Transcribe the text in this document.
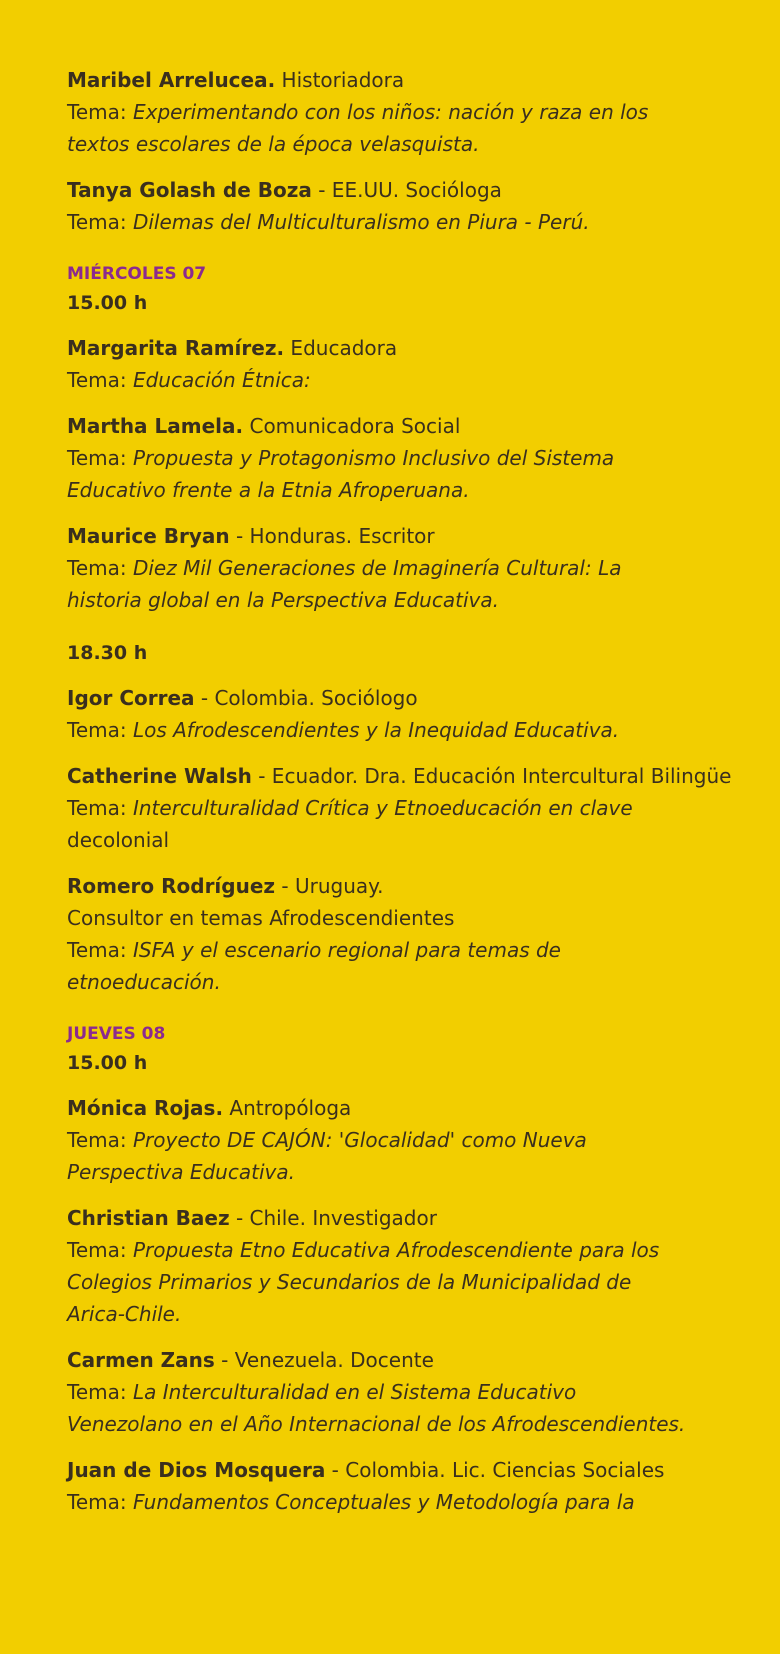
Maribel Arrelucea. Historiadora
Tema: Experimentando con los niños: nación y raza en los
textos escolares de la época velasquista.
Tanya Golash de Boza - EE.UU. Socióloga
Tema: Dilemas del Multiculturalismo en Piura - Perú.
MIÉRCOLES 07
15.00 h
Margarita Ramírez. Educadora
Tema: Educación Étnica:
Martha Lamela. Comunicadora Social
Tema: Propuesta y Protagonismo Inclusivo del Sistema
Educativo frente a la Etnia Afroperuana.
Maurice Bryan - Honduras. Escritor
Tema: Diez Mil Generaciones de Imaginería Cultural: La
historia global en la Perspectiva Educativa.
18.30 h
Igor Correa - Colombia. Sociólogo
Tema: Los Afrodescendientes y la Inequidad Educativa.
Catherine Walsh - Ecuador. Dra. Educación Intercultural Bilingüe
Tema: Interculturalidad Crítica y Etnoeducación en clave
decolonial
Romero Rodríguez - Uruguay.
Consultor en temas Afrodescendientes
Tema: ISFA y el escenario regional para temas de
etnoeducación.
JUEVES 08
15.00 h
Mónica Rojas. Antropóloga
Tema: Proyecto DE CAJÓN: 'Glocalidad' como Nueva
Perspectiva Educativa.
Christian Baez - Chile. Investigador
Tema: Propuesta Etno Educativa Afrodescendiente para los
Colegios Primarios y Secundarios de la Municipalidad de
Arica-Chile.
Carmen Zans - Venezuela. Docente
Tema: La Interculturalidad en el Sistema Educativo
Venezolano en el Año Internacional de los Afrodescendientes.
Juan de Dios Mosquera - Colombia. Lic. Ciencias Sociales
Tema: Fundamentos Conceptuales y Metodología para la
